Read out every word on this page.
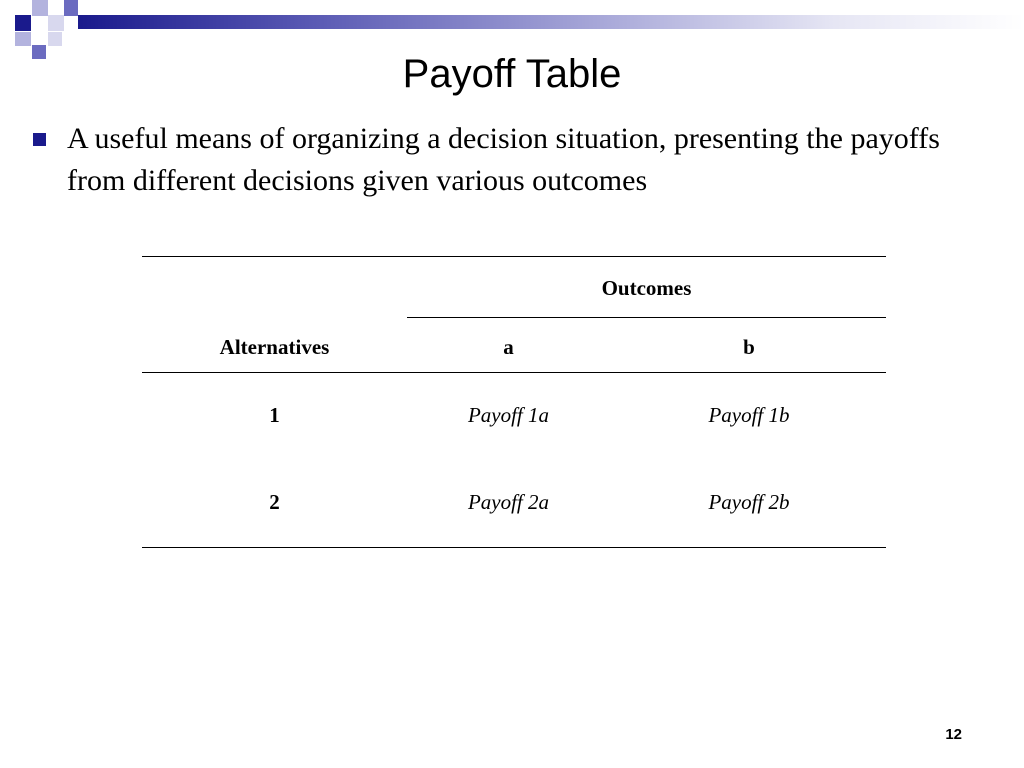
Payoff Table
A useful means of organizing a decision situation, presenting the payoffs from different decisions given various outcomes
Outcomes
Alternatives	a	b
1	Payoff 1a	Payoff 1b
2	Payoff 2a	Payoff 2b
12
